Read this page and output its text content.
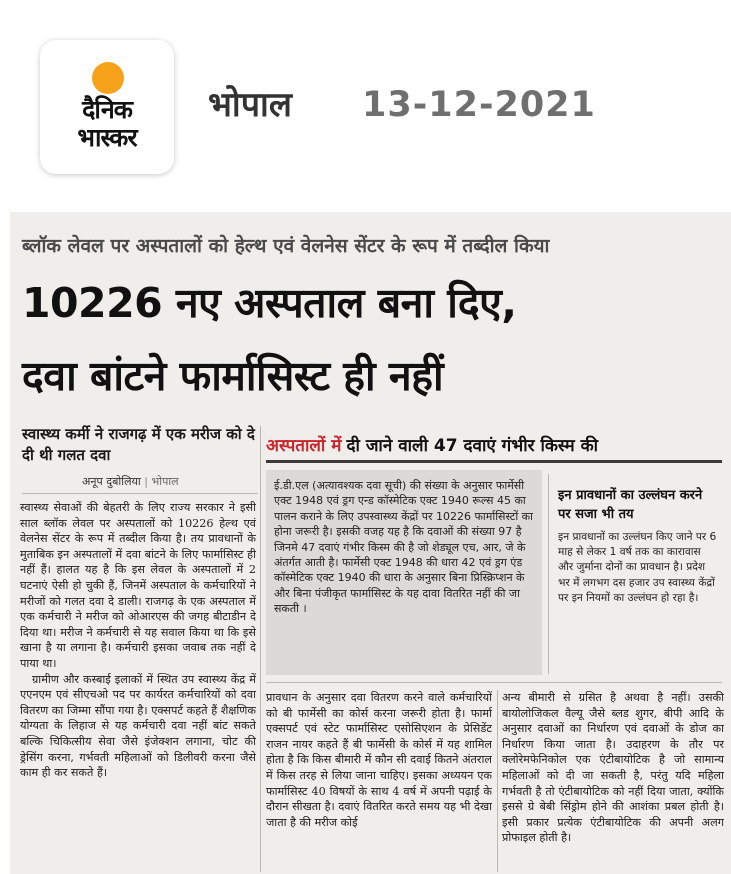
दैनिक
भास्कर
भोपाल 13-12-2021
ब्लॉक लेवल पर अस्पतालों को हेल्थ एवं वेलनेस सेंटर के रूप में तब्दील किया
10226 नए अस्पताल बना दिए,
दवा बांटने फार्मासिस्ट ही नहीं
स्वास्थ्य कर्मी ने राजगढ़ में एक मरीज को दे दी थी गलत दवा
अनूप दुबोलिया | भोपाल

स्वास्थ्य सेवाओं की बेहतरी के लिए राज्य सरकार ने इसी साल ब्लॉक लेवल पर अस्पतालों को 10226 हेल्थ एवं वेलनेस सेंटर के रूप में तब्दील किया है। तय प्रावधानों के मुताबिक इन अस्पतालों में दवा बांटने के लिए फार्मासिस्ट ही नहीं हैं। हालत यह है कि इस लेवल के अस्पतालों में 2 घटनाएं ऐसी हो चुकी हैं, जिनमें अस्पताल के कर्मचारियों ने मरीजों को गलत दवा दे डाली। राजगढ़ के एक अस्पताल में एक कर्मचारी ने मरीज को ओआरएस की जगह बीटाडीन दे दिया था। मरीज ने कर्मचारी से यह सवाल किया था कि इसे खाना है या लगाना है। कर्मचारी इसका जवाब तक नहीं दे पाया था।

ग्रामीण और कस्बाई इलाकों में स्थित उप स्वास्थ्य केंद्र में एएनएम एवं सीएचओ पद पर कार्यरत कर्मचारियों को दवा वितरण का जिम्मा सौंपा गया है। एक्सपर्ट कहते हैं शैक्षणिक योग्यता के लिहाज से यह कर्मचारी दवा नहीं बांट सकते बल्कि चिकित्सीय सेवा जैसे इंजेक्शन लगाना, चोट की ड्रेसिंग करना, गर्भवती महिलाओं को डिलीवरी करना जैसे काम ही कर सकते हैं।

अस्पतालों में दी जाने वाली 47 दवाएं गंभीर किस्म की
ई.डी.एल (अत्यावश्यक दवा सूची) की संख्या के अनुसार फार्मेसी एक्ट 1948 एवं ड्रग एन्ड कॉस्मेटिक एक्ट 1940 रूल्स 45 का पालन कराने के लिए उपस्वास्थ्य केंद्रों पर 10226 फार्मासिस्टों का होना जरूरी है। इसकी वजह यह है कि दवाओं की संख्या 97 है जिनमे 47 दवाएं गंभीर किस्म की है जो शेड्यूल एच, आर, जे के अंतर्गत आती है। फार्मेसी एक्ट 1948 की धारा 42 एवं ड्रग एंड कॉस्मेटिक एक्ट 1940 की धारा के अनुसार बिना प्रिस्क्रिप्शन के और बिना पंजीकृत फार्मासिस्ट के यह दावा वितरित नहीं की जा सकती ।
इन प्रावधानों का उल्लंघन करने पर सजा भी तय
इन प्रावधानों का उल्लंघन किए जाने पर 6 माह से लेकर 1 वर्ष तक का कारावास और जुर्माना दोनों का प्रावधान है। प्रदेश भर में लगभग दस हजार उप स्वास्थ्य केंद्रों पर इन नियमों का उल्लंघन हो रहा है।
प्रावधान के अनुसार दवा वितरण करने वाले कर्मचारियों को बी फार्मेसी का कोर्स करना जरूरी होता है। फार्मा एक्सपर्ट एवं स्टेट फार्मासिस्ट एसोसिएशन के प्रेसिडेंट राजन नायर कहते हैं बी फार्मेसी के कोर्स में यह शामिल होता है कि किस बीमारी में कौन सी दवाई कितने अंतराल में किस तरह से लिया जाना चाहिए। इसका अध्ययन एक फार्मासिस्ट 40 विषयों के साथ 4 वर्ष में अपनी पढ़ाई के दौरान सीखता है। दवाएं वितरित करते समय यह भी देखा जाता है की मरीज कोई
अन्य बीमारी से ग्रसित है अथवा है नहीं। उसकी बायोलोजिकल वैल्यू जैसे ब्लड शुगर, बीपी आदि के अनुसार दवाओं का निर्धारण एवं दवाओं के डोज का निर्धारण किया जाता है। उदाहरण के तौर पर क्लोरेमफेनिकोल एक एंटीबायोटिक है जो सामान्य महिलाओं को दी जा सकती है, परंतु यदि महिला गर्भवती है तो एंटीबायोटिक को नहीं दिया जाता, क्योंकि इससे ग्रे बेबी सिंड्रोम होने की आशंका प्रबल होती है। इसी प्रकार प्रत्येक एंटीबायोटिक की अपनी अलग प्रोफाइल होती है।
